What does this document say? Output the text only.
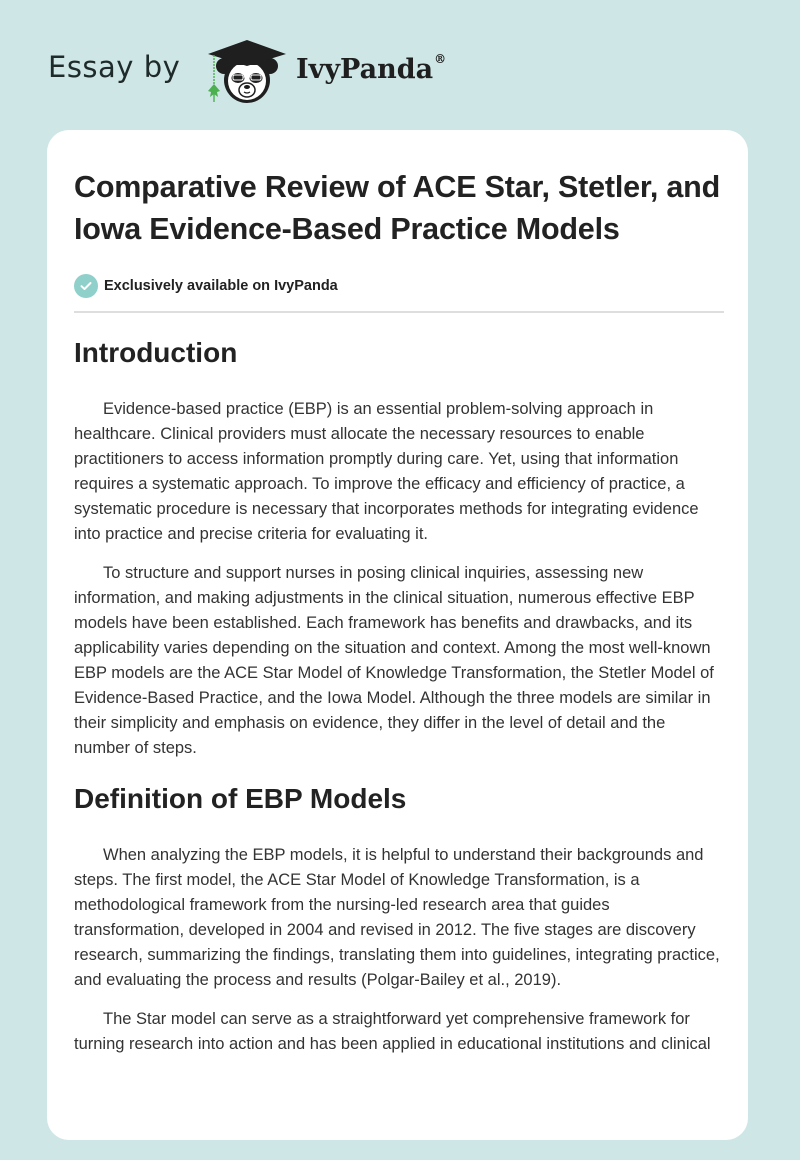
Essay by	IvyPanda®
Comparative Review of ACE Star, Stetler, and Iowa Evidence-Based Practice Models
Exclusively available on IvyPanda
Introduction

Evidence-based practice (EBP) is an essential problem-solving approach in healthcare. Clinical providers must allocate the necessary resources to enable practitioners to access information promptly during care. Yet, using that information requires a systematic approach. To improve the efficacy and efficiency of practice, a systematic procedure is necessary that incorporates methods for integrating evidence into practice and precise criteria for evaluating it.

To structure and support nurses in posing clinical inquiries, assessing new information, and making adjustments in the clinical situation, numerous effective EBP models have been established. Each framework has benefits and drawbacks, and its applicability varies depending on the situation and context. Among the most well-known EBP models are the ACE Star Model of Knowledge Transformation, the Stetler Model of Evidence-Based Practice, and the Iowa Model. Although the three models are similar in their simplicity and emphasis on evidence, they differ in the level of detail and the number of steps.

Definition of EBP Models

When analyzing the EBP models, it is helpful to understand their backgrounds and steps. The first model, the ACE Star Model of Knowledge Transformation, is a methodological framework from the nursing-led research area that guides transformation, developed in 2004 and revised in 2012. The five stages are discovery research, summarizing the findings, translating them into guidelines, integrating practice, and evaluating the process and results (Polgar-Bailey et al., 2019).

The Star model can serve as a straightforward yet comprehensive framework for turning research into action and has been applied in educational institutions and clinical
